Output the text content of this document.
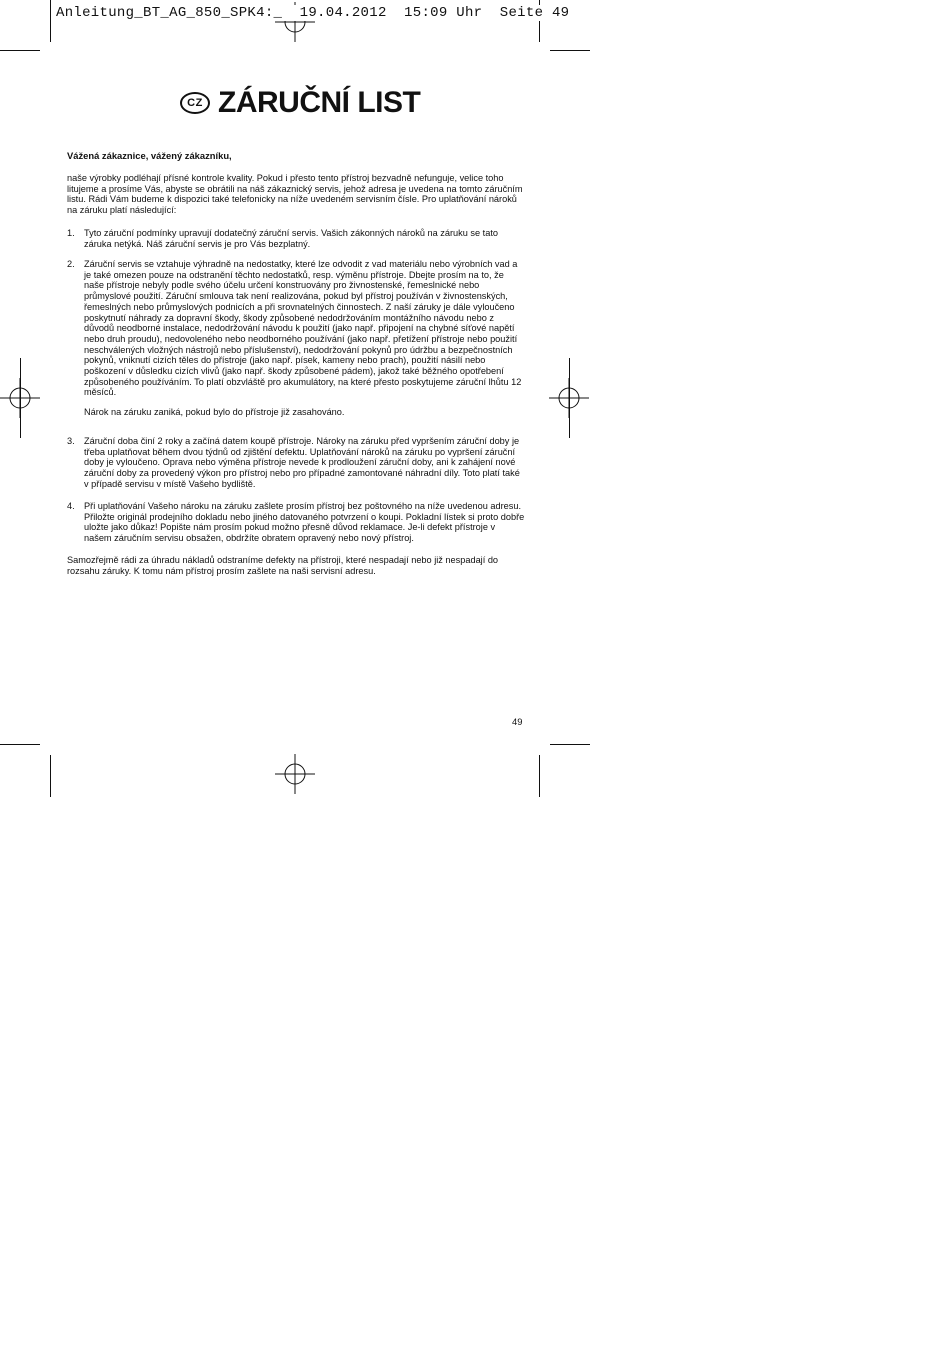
Anleitung_BT_AG_850_SPK4:_  19.04.2012  15:09 Uhr  Seite 49
CZ ZÁRUČNÍ LIST
Vážená zákaznice, vážený zákazníku,
naše výrobky podléhají přísné kontrole kvality. Pokud i přesto tento přístroj bezvadně nefunguje, velice toho litujeme a prosíme Vás, abyste se obrátili na náš zákaznický servis, jehož adresa je uvedena na tomto záručním listu. Rádi Vám budeme k dispozici také telefonicky na níže uvedeném servisním čísle. Pro uplatňování nároků na záruku platí následující:
1.	Tyto záruční podmínky upravují dodatečný záruční servis. Vašich zákonných nároků na záruku se tato záruka netýká. Náš záruční servis je pro Vás bezplatný.
2.	Záruční servis se vztahuje výhradně na nedostatky, které lze odvodit z vad materiálu nebo výrobních vad a je také omezen pouze na odstranění těchto nedostatků, resp. výměnu přístroje. Dbejte prosím na to, že naše přístroje nebyly podle svého účelu určení konstruovány pro živnostenské, řemeslnické nebo průmyslové použití. Záruční smlouva tak není realizována, pokud byl přístroj používán v živnostenských, řemeslných nebo průmyslových podnicích a při srovnatelných činnostech. Z naší záruky je dále vyloučeno poskytnutí náhrady za dopravní škody, škody způsobené nedodržováním montážního návodu nebo z důvodů neodborné instalace, nedodržování návodu k použití (jako např. připojení na chybné síťové napětí nebo druh proudu), nedovoleného nebo neodborného používání (jako např. přetížení přístroje nebo použití neschválených vložných nástrojů nebo příslušenství), nedodržování pokynů pro údržbu a bezpečnostních pokynů, vniknutí cizích těles do přístroje (jako např. písek, kameny nebo prach), použití násilí nebo poškození v důsledku cizích vlivů (jako např. škody způsobené pádem), jakož také běžného opotřebení způsobeného používáním. To platí obzvláště pro akumulátory, na které přesto poskytujeme záruční lhůtu 12 měsíců.
Nárok na záruku zaniká, pokud bylo do přístroje již zasahováno.
3.	Záruční doba činí 2 roky a začíná datem koupě přístroje. Nároky na záruku před vypršením záruční doby je třeba uplatňovat během dvou týdnů od zjištění defektu. Uplatňování nároků na záruku po vypršení záruční doby je vyloučeno. Oprava nebo výměna přístroje nevede k prodloužení záruční doby, ani k zahájení nové záruční doby za provedený výkon pro přístroj nebo pro případné zamontované náhradní díly. Toto platí také v případě servisu v místě Vašeho bydliště.
4.	Při uplatňování Vašeho nároku na záruku zašlete prosím přístroj bez poštovného na níže uvedenou adresu. Přiložte originál prodejního dokladu nebo jiného datovaného potvrzení o koupi. Pokladní lístek si proto dobře uložte jako důkaz! Popište nám prosím pokud možno přesně důvod reklamace. Je-li defekt přístroje v našem záručním servisu obsažen, obdržíte obratem opravený nebo nový přístroj.
Samozřejmě rádi za úhradu nákladů odstraníme defekty na přístroji, které nespadají nebo již nespadají do rozsahu záruky. K tomu nám přístroj prosím zašlete na naši servisní adresu.
49
